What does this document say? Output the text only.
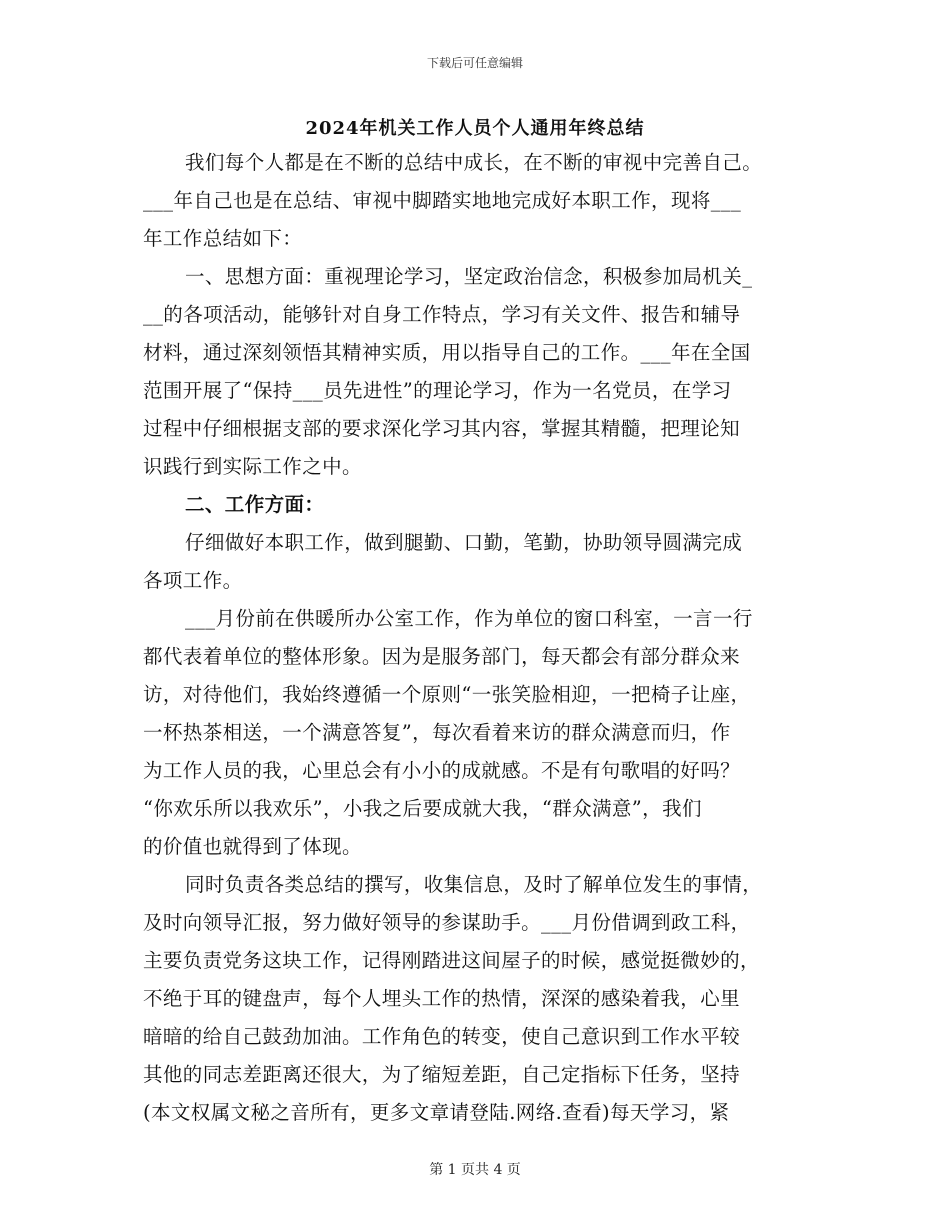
下载后可任意编辑
2024年机关工作人员个人通用年终总结
我们每个人都是在不断的总结中成长，在不断的审视中完善自己。
___年自己也是在总结、审视中脚踏实地地完成好本职工作，现将___
年工作总结如下：
一、思想方面：重视理论学习，坚定政治信念，积极参加局机关_
__的各项活动，能够针对自身工作特点，学习有关文件、报告和辅导
材料，通过深刻领悟其精神实质，用以指导自己的工作。___年在全国
范围开展了“保持___员先进性”的理论学习，作为一名党员，在学习
过程中仔细根据支部的要求深化学习其内容，掌握其精髓，把理论知
识践行到实际工作之中。
二、工作方面：
仔细做好本职工作，做到腿勤、口勤，笔勤，协助领导圆满完成
各项工作。
___月份前在供暖所办公室工作，作为单位的窗口科室，一言一行
都代表着单位的整体形象。因为是服务部门，每天都会有部分群众来
访，对待他们，我始终遵循一个原则“一张笑脸相迎，一把椅子让座，
一杯热茶相送，一个满意答复”，每次看着来访的群众满意而归，作
为工作人员的我，心里总会有小小的成就感。不是有句歌唱的好吗？
“你欢乐所以我欢乐”，小我之后要成就大我，“群众满意”，我们
的价值也就得到了体现。
同时负责各类总结的撰写，收集信息，及时了解单位发生的事情，
及时向领导汇报，努力做好领导的参谋助手。___月份借调到政工科，
主要负责党务这块工作，记得刚踏进这间屋子的时候，感觉挺微妙的，
不绝于耳的键盘声，每个人埋头工作的热情，深深的感染着我，心里
暗暗的给自己鼓劲加油。工作角色的转变，使自己意识到工作水平较
其他的同志差距离还很大，为了缩短差距，自己定指标下任务，坚持
(本文权属文秘之音所有，更多文章请登陆.网络.查看)每天学习，紧
第 1 页共 4 页
